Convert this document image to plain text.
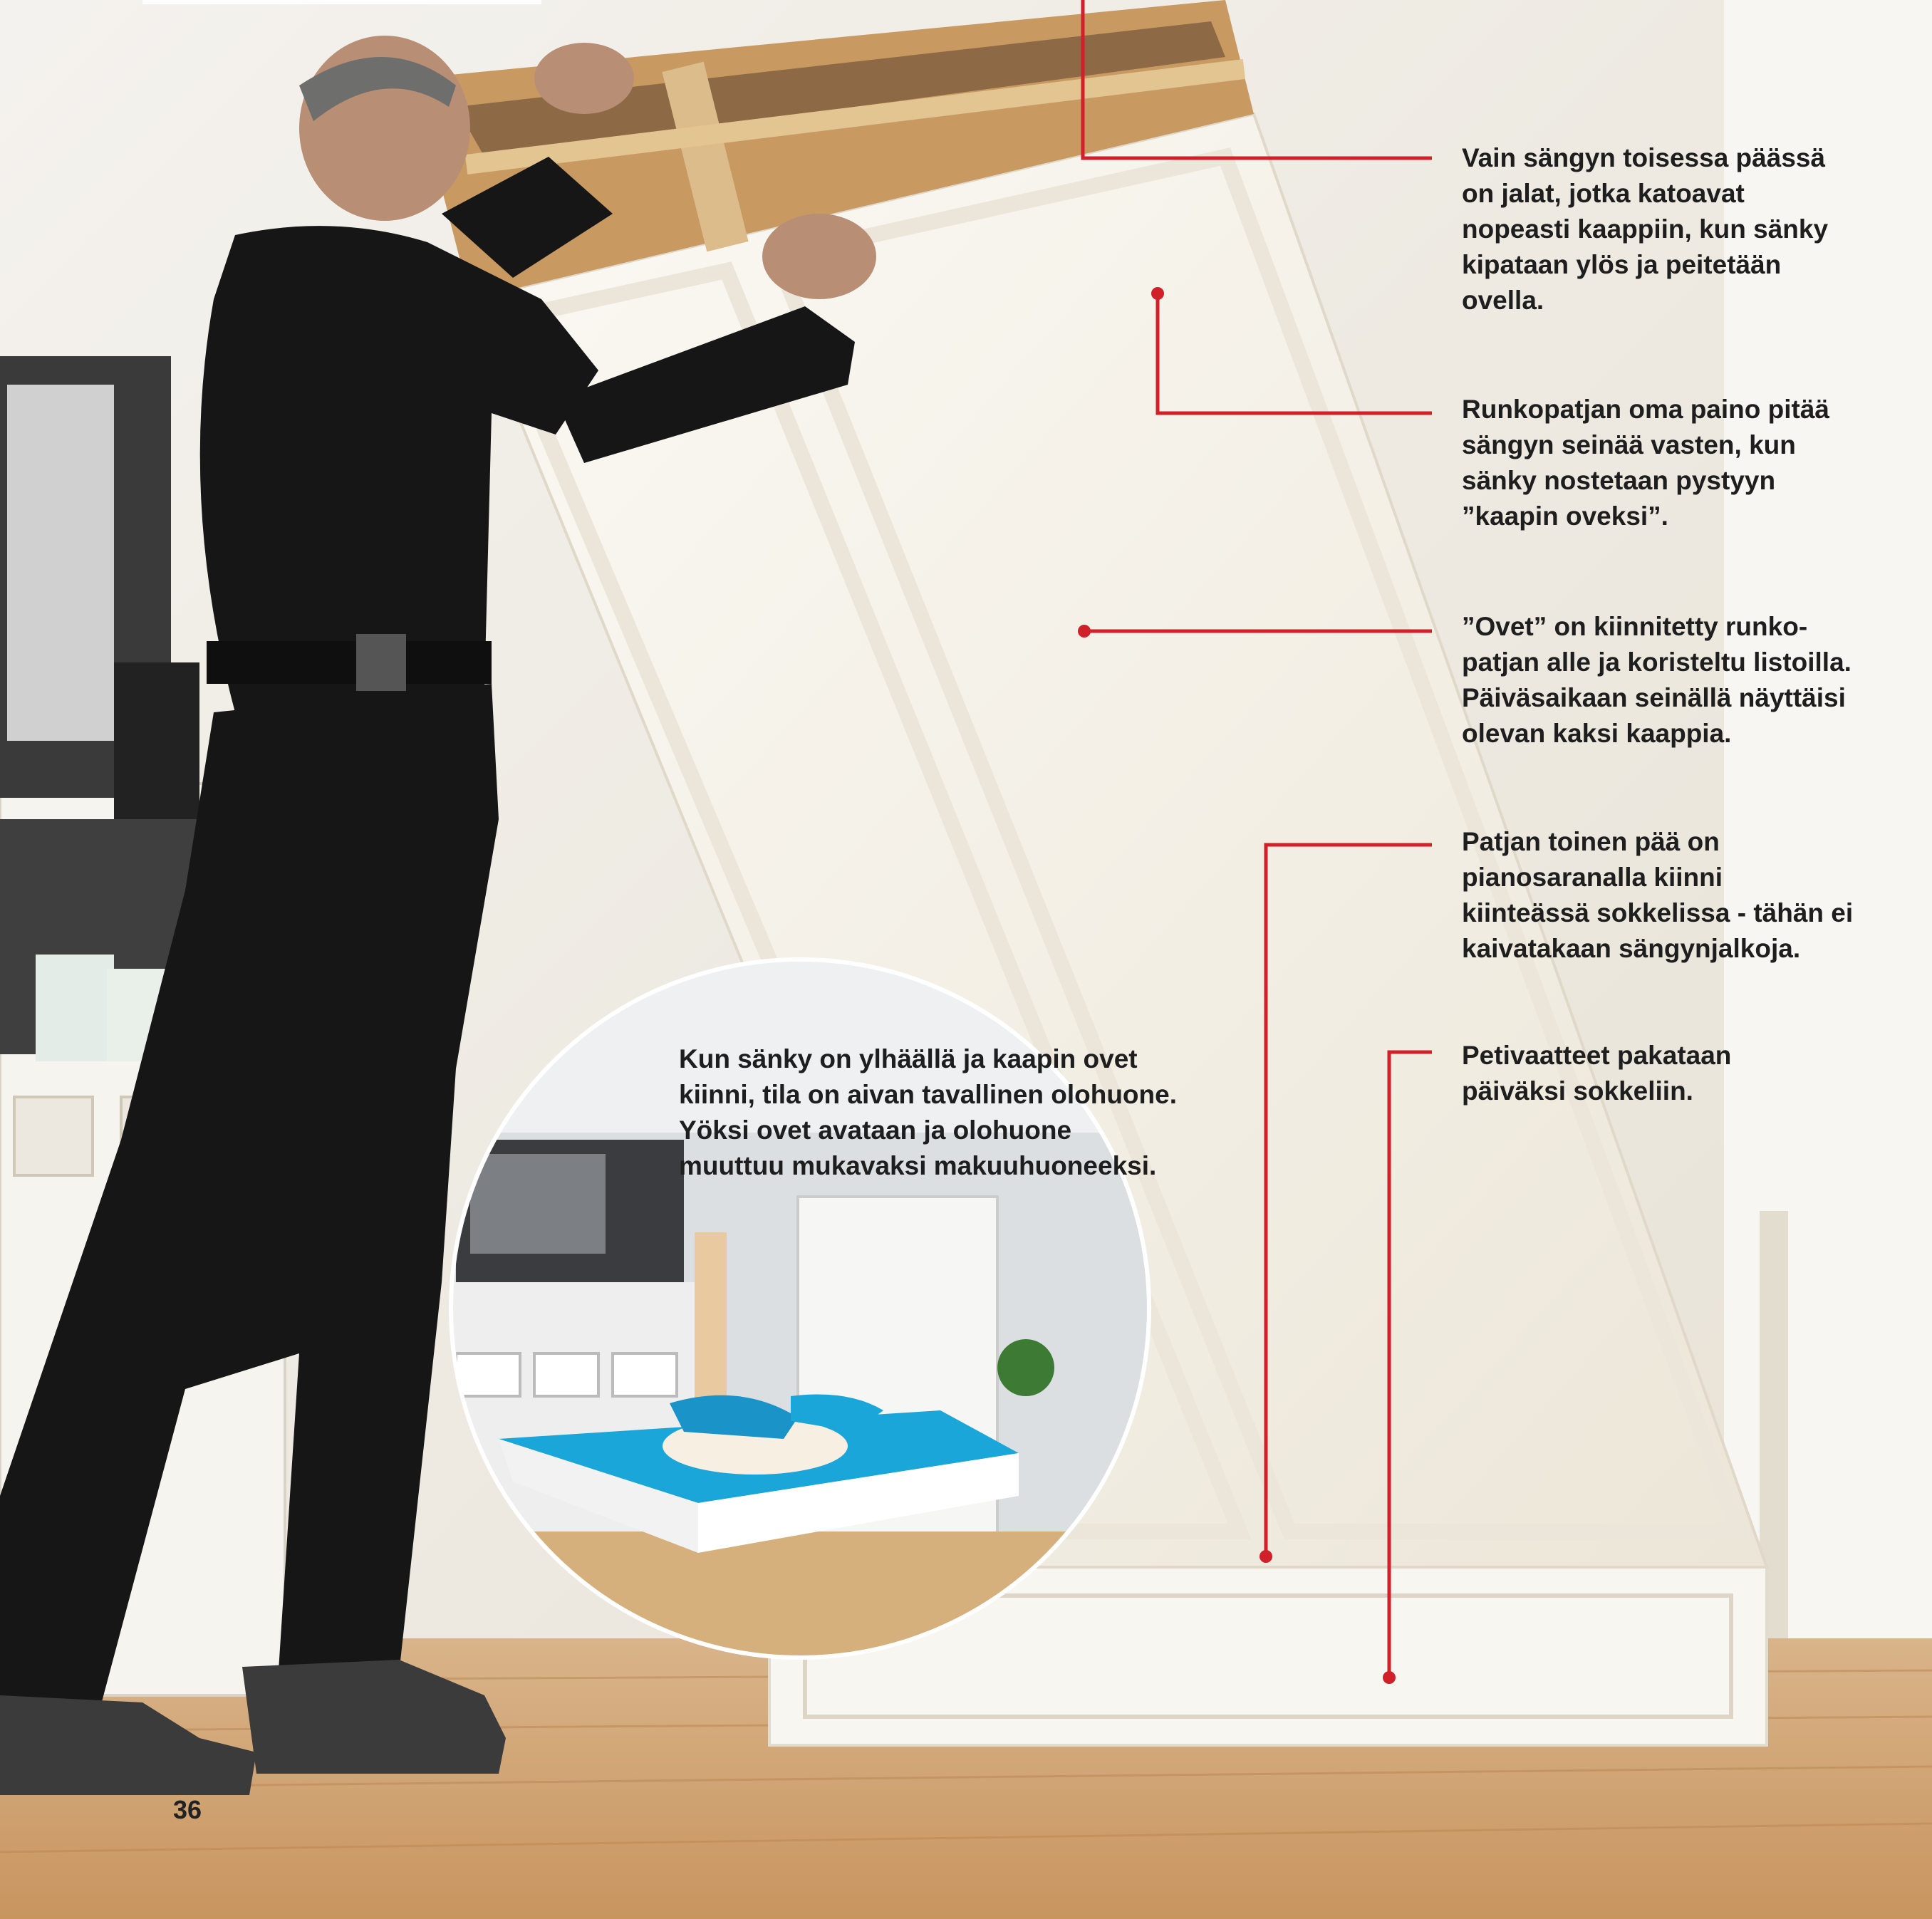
Vain sängyn toisessa päässä
on jalat, jotka katoavat
nopeasti kaappiin, kun sänky
kipataan ylös ja peitetään
ovella.
Runkopatjan oma paino pitää
sängyn seinää vasten, kun
sänky nostetaan pystyyn
”kaapin oveksi”.
”Ovet” on kiinnitetty runko-
patjan alle ja koristeltu listoilla.
Päiväsaikaan seinällä näyttäisi
olevan kaksi kaappia.
Patjan toinen pää on
pianosaranalla kiinni
kiinteässä sokkelissa - tähän ei
kaivatakaan sängynjalkoja.
Petivaatteet pakataan
päiväksi sokkeliin.
Kun sänky on ylhäällä ja kaapin ovet
kiinni, tila on aivan tavallinen olohuone.
Yöksi ovet avataan ja olohuone
muuttuu mukavaksi makuuhuoneeksi.
36
